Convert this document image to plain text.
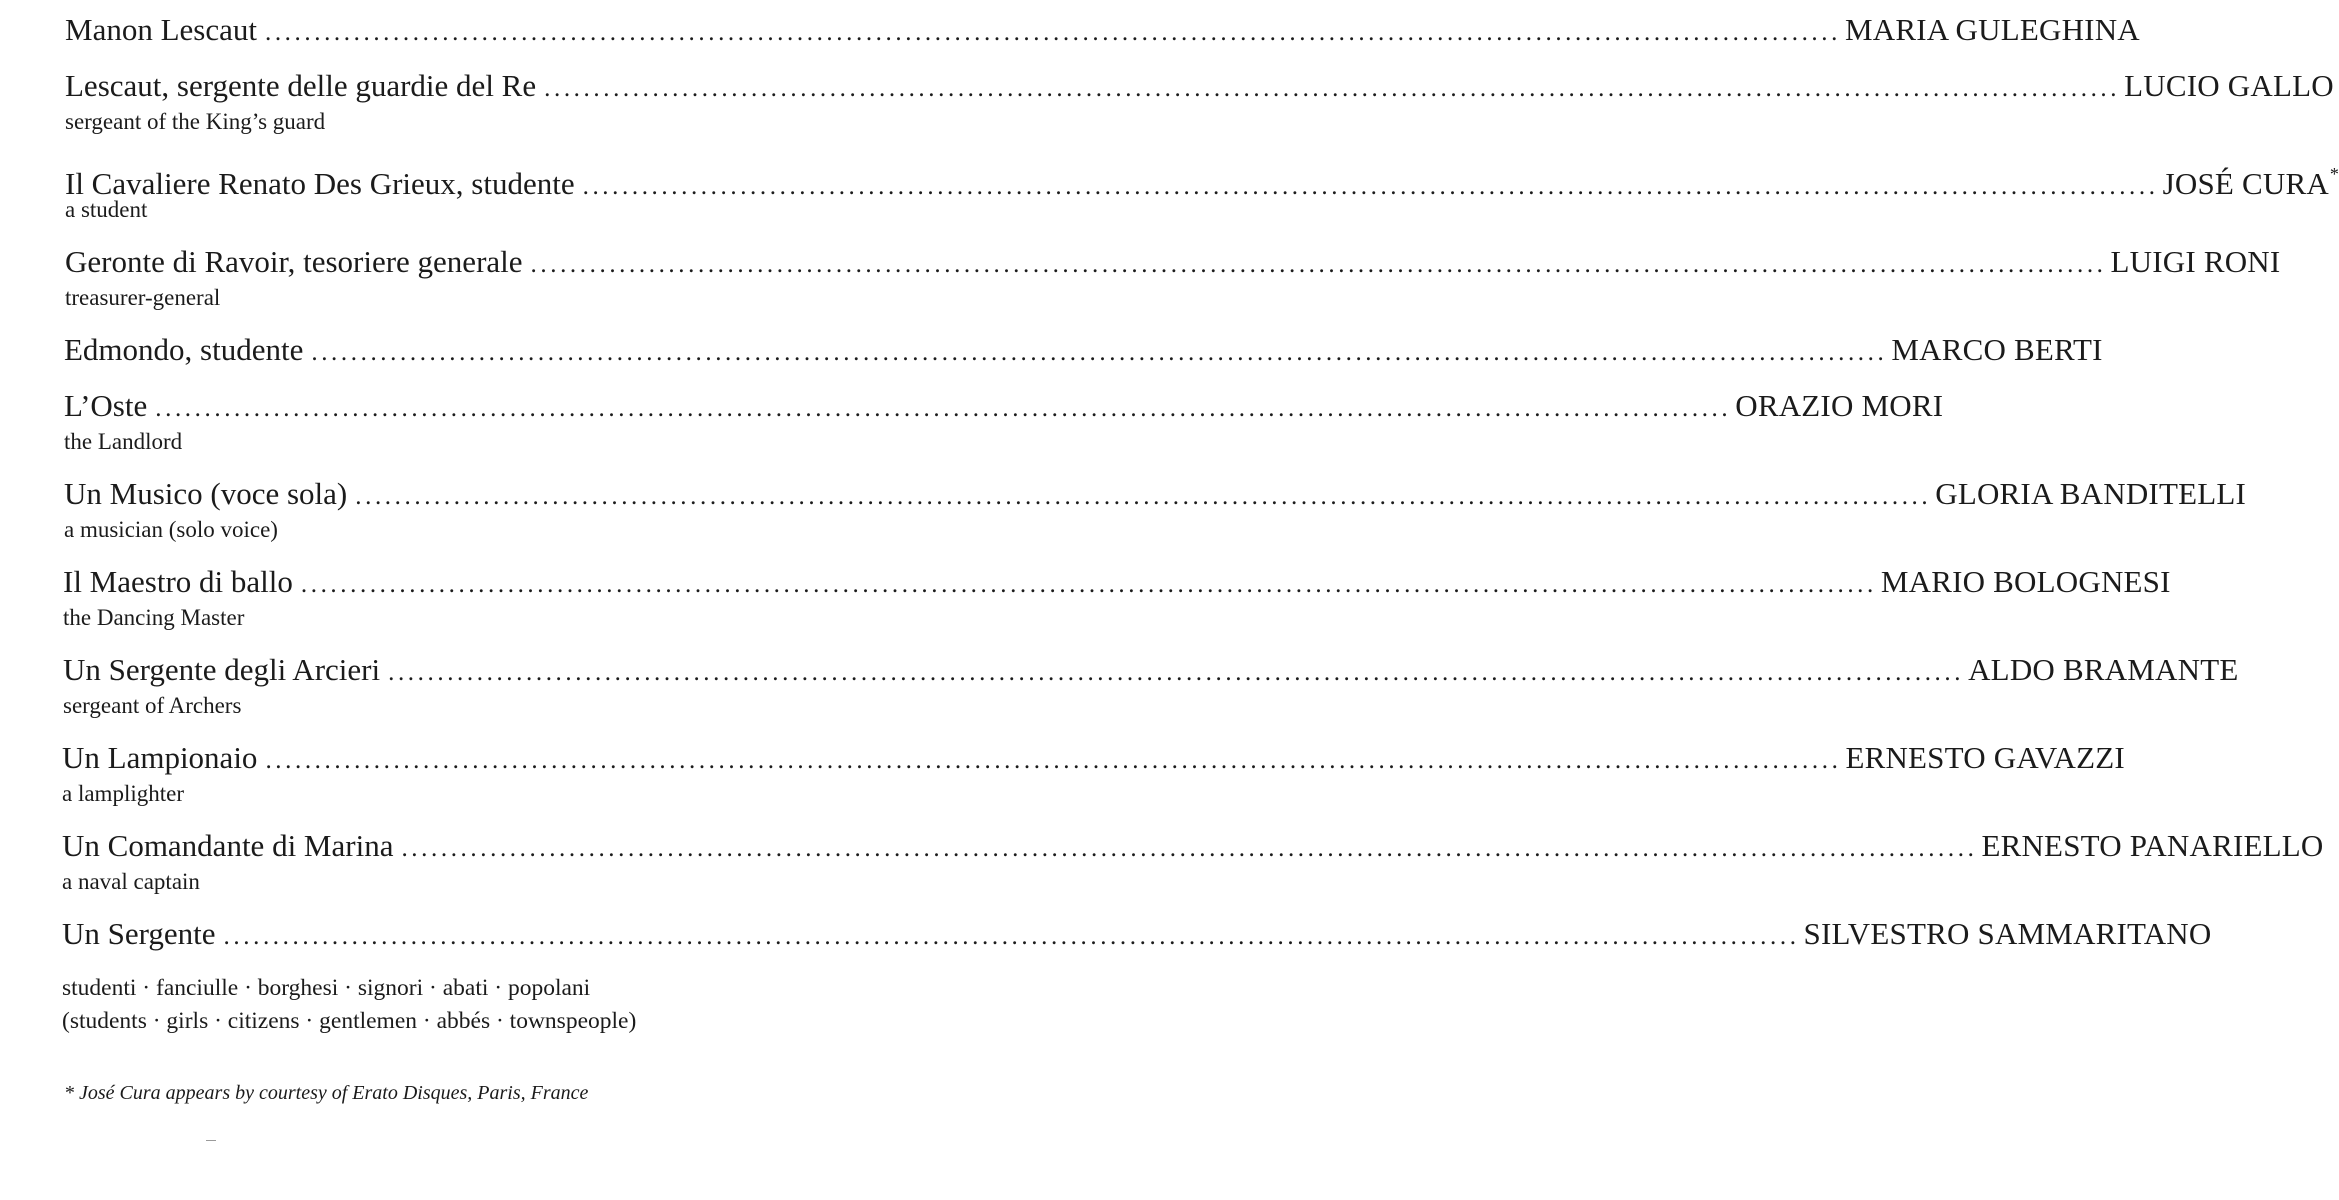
Manon Lescaut ................................................................................................................................................................ MARIA GULEGHINA
Lescaut, sergente delle guardie del Re ................................................................................................................................................................ LUCIO GALLO
sergeant of the King’s guard
Il Cavaliere Renato Des Grieux, studente ................................................................................................................................................................ JOSÉ CURA*
a student
Geronte di Ravoir, tesoriere generale ................................................................................................................................................................ LUIGI RONI
treasurer-general
Edmondo, studente ................................................................................................................................................................ MARCO BERTI
L’Oste ................................................................................................................................................................ ORAZIO MORI
the Landlord
Un Musico (voce sola) ................................................................................................................................................................ GLORIA BANDITELLI
a musician (solo voice)
Il Maestro di ballo ................................................................................................................................................................ MARIO BOLOGNESI
the Dancing Master
Un Sergente degli Arcieri ................................................................................................................................................................ ALDO BRAMANTE
sergeant of Archers
Un Lampionaio ................................................................................................................................................................ ERNESTO GAVAZZI
a lamplighter
Un Comandante di Marina ................................................................................................................................................................ ERNESTO PANARIELLO
a naval captain
Un Sergente ................................................................................................................................................................ SILVESTRO SAMMARITANO
studenti · fanciulle · borghesi · signori · abati · popolani
(students · girls · citizens · gentlemen · abbés · townspeople)
* José Cura appears by courtesy of Erato Disques, Paris, France
